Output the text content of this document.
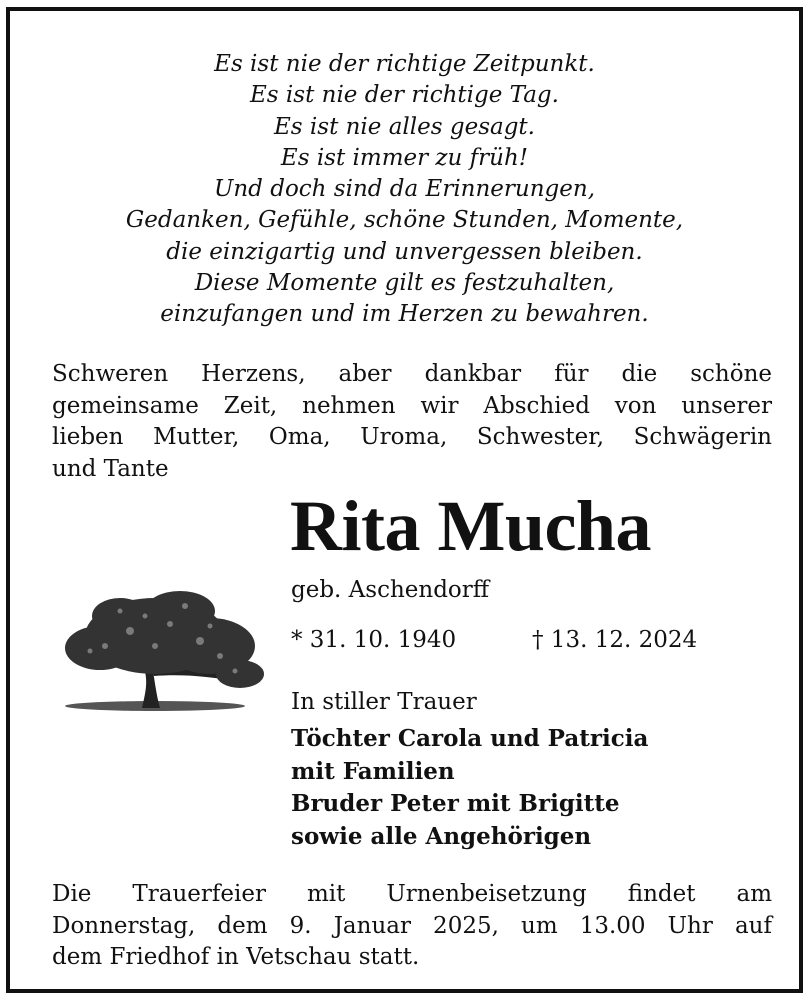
Es ist nie der richtige Zeitpunkt.
Es ist nie der richtige Tag.
Es ist nie alles gesagt.
Es ist immer zu früh!
Und doch sind da Erinnerungen,
Gedanken, Gefühle, schöne Stunden, Momente,
die einzigartig und unvergessen bleiben.
Diese Momente gilt es festzuhalten,
einzufangen und im Herzen zu bewahren.
Schweren Herzens, aber dankbar für die schöne
gemeinsame Zeit, nehmen wir Abschied von unserer
lieben Mutter, Oma, Uroma, Schwester, Schwägerin
und Tante
Rita Mucha
geb. Aschendorff
* 31. 10. 1940	† 13. 12. 2024
In stiller Trauer
Töchter Carola und Patricia
mit Familien
Bruder Peter mit Brigitte
sowie alle Angehörigen
Die Trauerfeier mit Urnenbeisetzung findet am
Donnerstag, dem 9. Januar 2025, um 13.00 Uhr auf
dem Friedhof in Vetschau statt.
